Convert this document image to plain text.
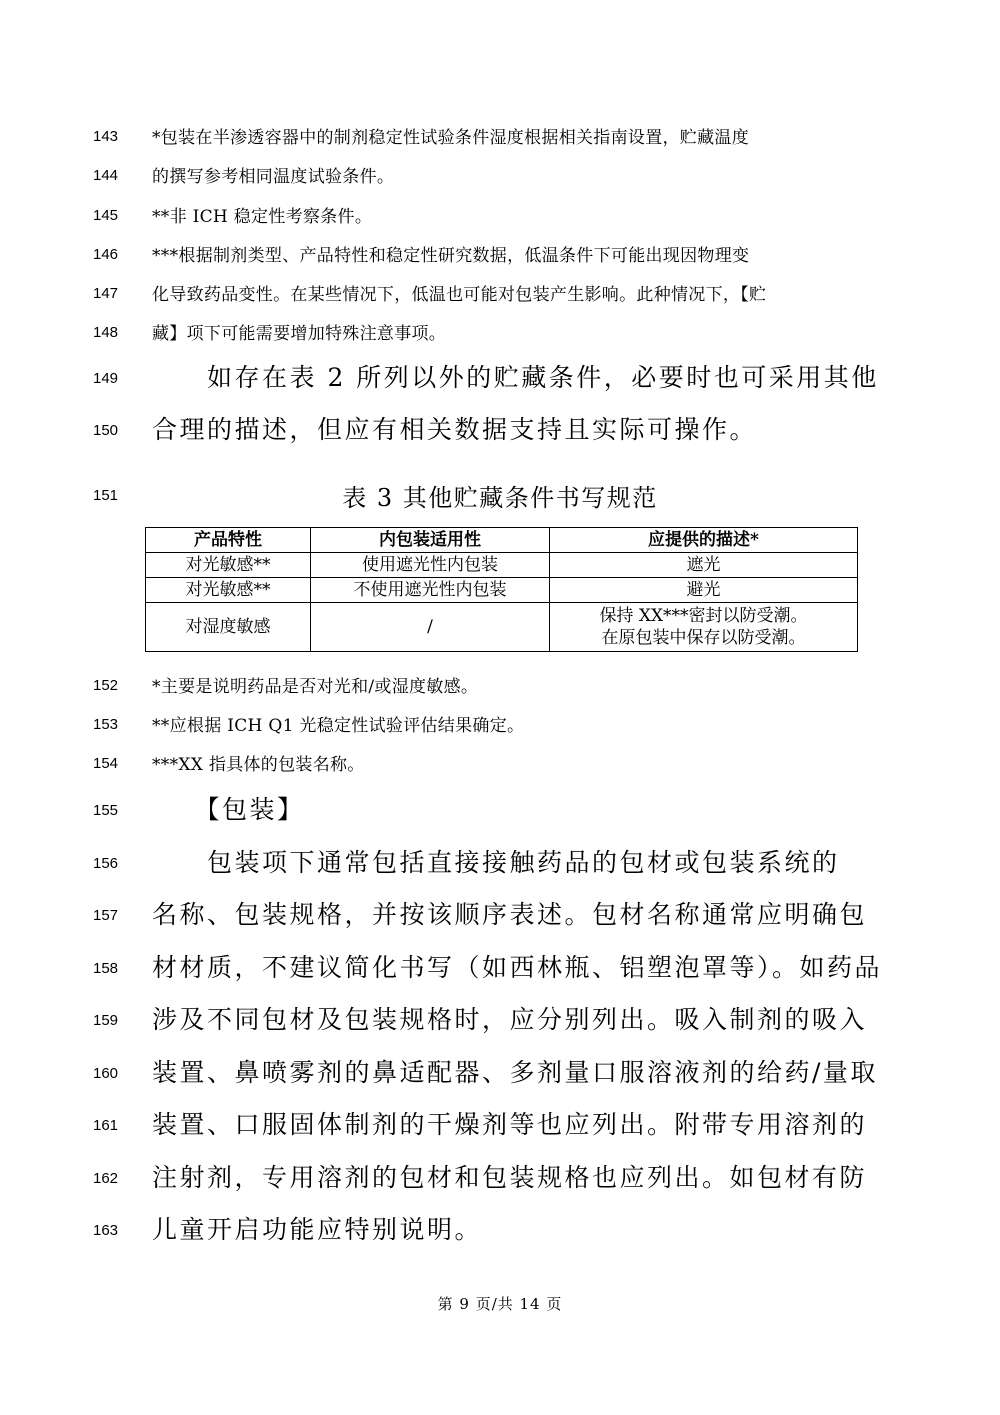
143	*包装在半渗透容器中的制剂稳定性试验条件湿度根据相关指南设置，贮藏温度
144	的撰写参考相同温度试验条件。
145	**非 ICH 稳定性考察条件。
146	***根据制剂类型、产品特性和稳定性研究数据，低温条件下可能出现因物理变
147	化导致药品变性。在某些情况下，低温也可能对包装产生影响。此种情况下，【贮
148	藏】项下可能需要增加特殊注意事项。
149	　　如存在表 2 所列以外的贮藏条件，必要时也可采用其他
150	合理的描述，但应有相关数据支持且实际可操作。
151	表 3 其他贮藏条件书写规范
产品特性	内包装适用性	应提供的描述*
对光敏感**	使用遮光性内包装	遮光
对光敏感**	不使用遮光性内包装	避光
对湿度敏感	/	保持 XX***密封以防受潮。
在原包装中保存以防受潮。
152	*主要是说明药品是否对光和/或湿度敏感。
153	**应根据 ICH Q1 光稳定性试验评估结果确定。
154	***XX 指具体的包装名称。
155	　　【包装】
156	　　包装项下通常包括直接接触药品的包材或包装系统的
157	名称、包装规格，并按该顺序表述。包材名称通常应明确包
158	材材质，不建议简化书写（如西林瓶、铝塑泡罩等）。如药品
159	涉及不同包材及包装规格时，应分别列出。吸入制剂的吸入
160	装置、鼻喷雾剂的鼻适配器、多剂量口服溶液剂的给药/量取
161	装置、口服固体制剂的干燥剂等也应列出。附带专用溶剂的
162	注射剂，专用溶剂的包材和包装规格也应列出。如包材有防
163	儿童开启功能应特别说明。
第 9 页/共 14 页
